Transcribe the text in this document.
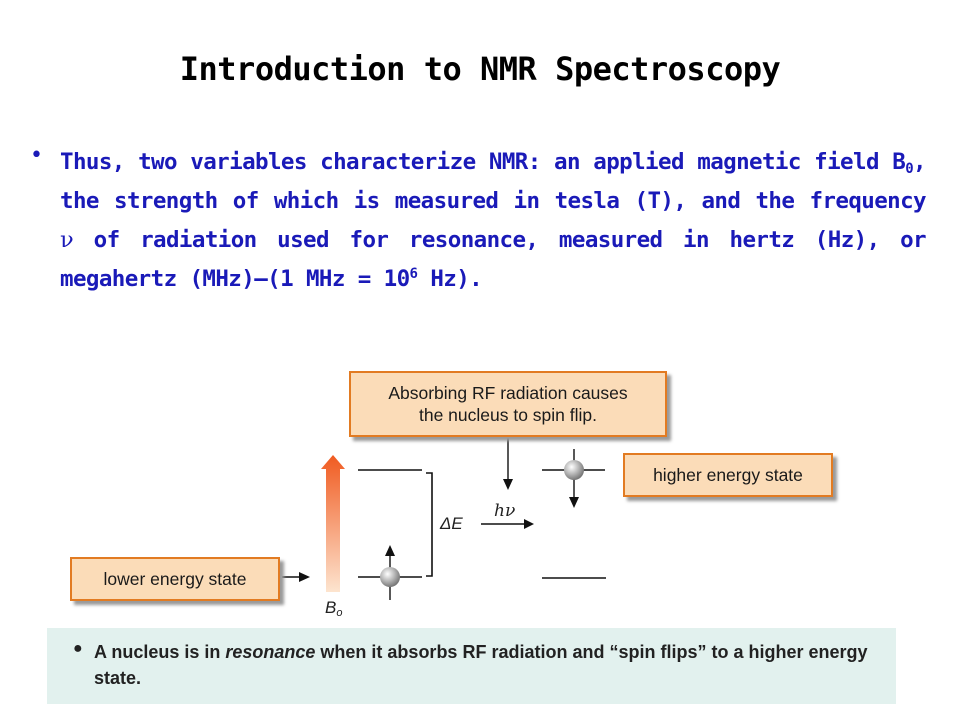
Introduction to NMR Spectroscopy
• Thus, two variables characterize NMR: an applied magnetic field $B_0$, the strength of which is measured in tesla (T), and the frequency ν of radiation used for resonance, measured in hertz (Hz), or megahertz (MHz)—(1 MHz = $10^6$ Hz).
Bo
ΔE
hν
Absorbing RF radiation causes
the nucleus to spin flip.
higher energy state
lower energy state
● A nucleus is in resonance when it absorbs RF radiation and “spin flips” to a higher energy state.
